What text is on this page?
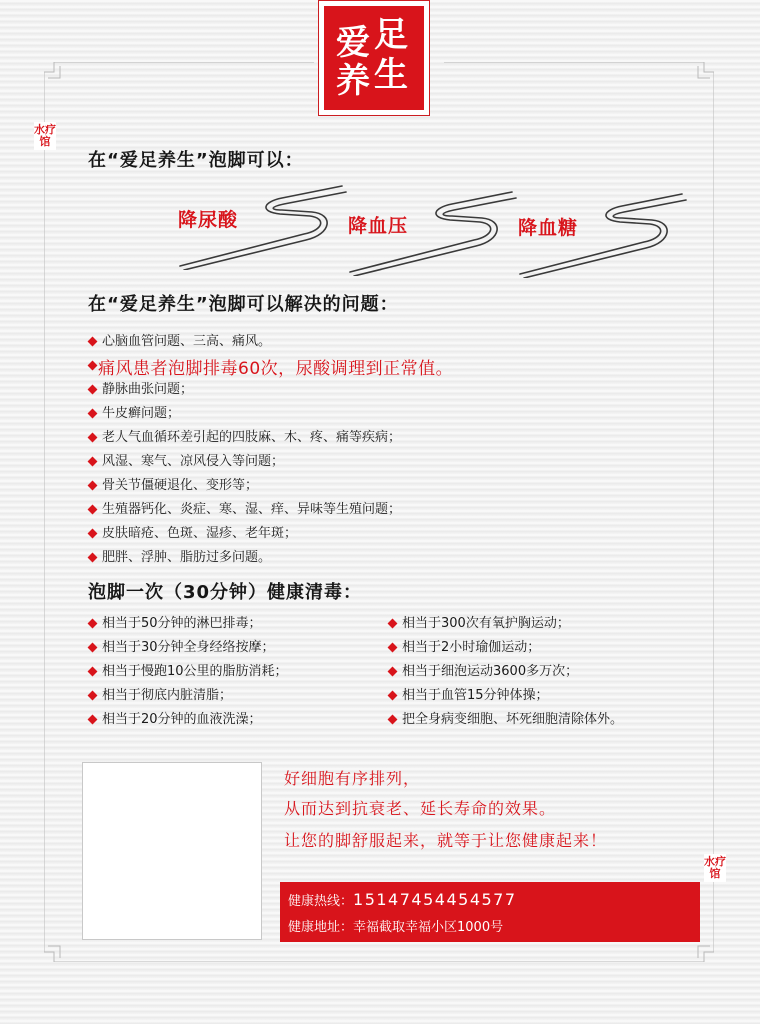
爱 足
养 生
水疗馆
水疗馆
在“爱足养生”泡脚可以：
降尿酸	降血压	降血糖
在“爱足养生”泡脚可以解决的问题：
心脑血管问题、三高、痛风。
静脉曲张问题；
牛皮癣问题；
老人气血循环差引起的四肢麻、木、疼、痛等疾病；
风湿、寒气、凉风侵入等问题；
骨关节僵硬退化、变形等；
生殖器钙化、炎症、寒、湿、痒、异味等生殖问题；
皮肤暗疮、色斑、湿疹、老年斑；
肥胖、浮肿、脂肪过多问题。
痛风患者泡脚排毒60次，尿酸调理到正常值。
泡脚一次（30分钟）健康清毒：
相当于50分钟的淋巴排毒；
相当于30分钟全身经络按摩；
相当于慢跑10公里的脂肪消耗；
相当于彻底内脏清脂；
相当于20分钟的血液洗澡；
相当于300次有氧护胸运动；
相当于2小时瑜伽运动；
相当于细泡运动3600多万次；
相当于血管15分钟体操；
把全身病变细胞、坏死细胞清除体外。
好细胞有序排列，
从而达到抗衰老、延长寿命的效果。
让您的脚舒服起来，就等于让您健康起来！
健康热线：15147454454577
健康地址：幸福截取幸福小区1000号
